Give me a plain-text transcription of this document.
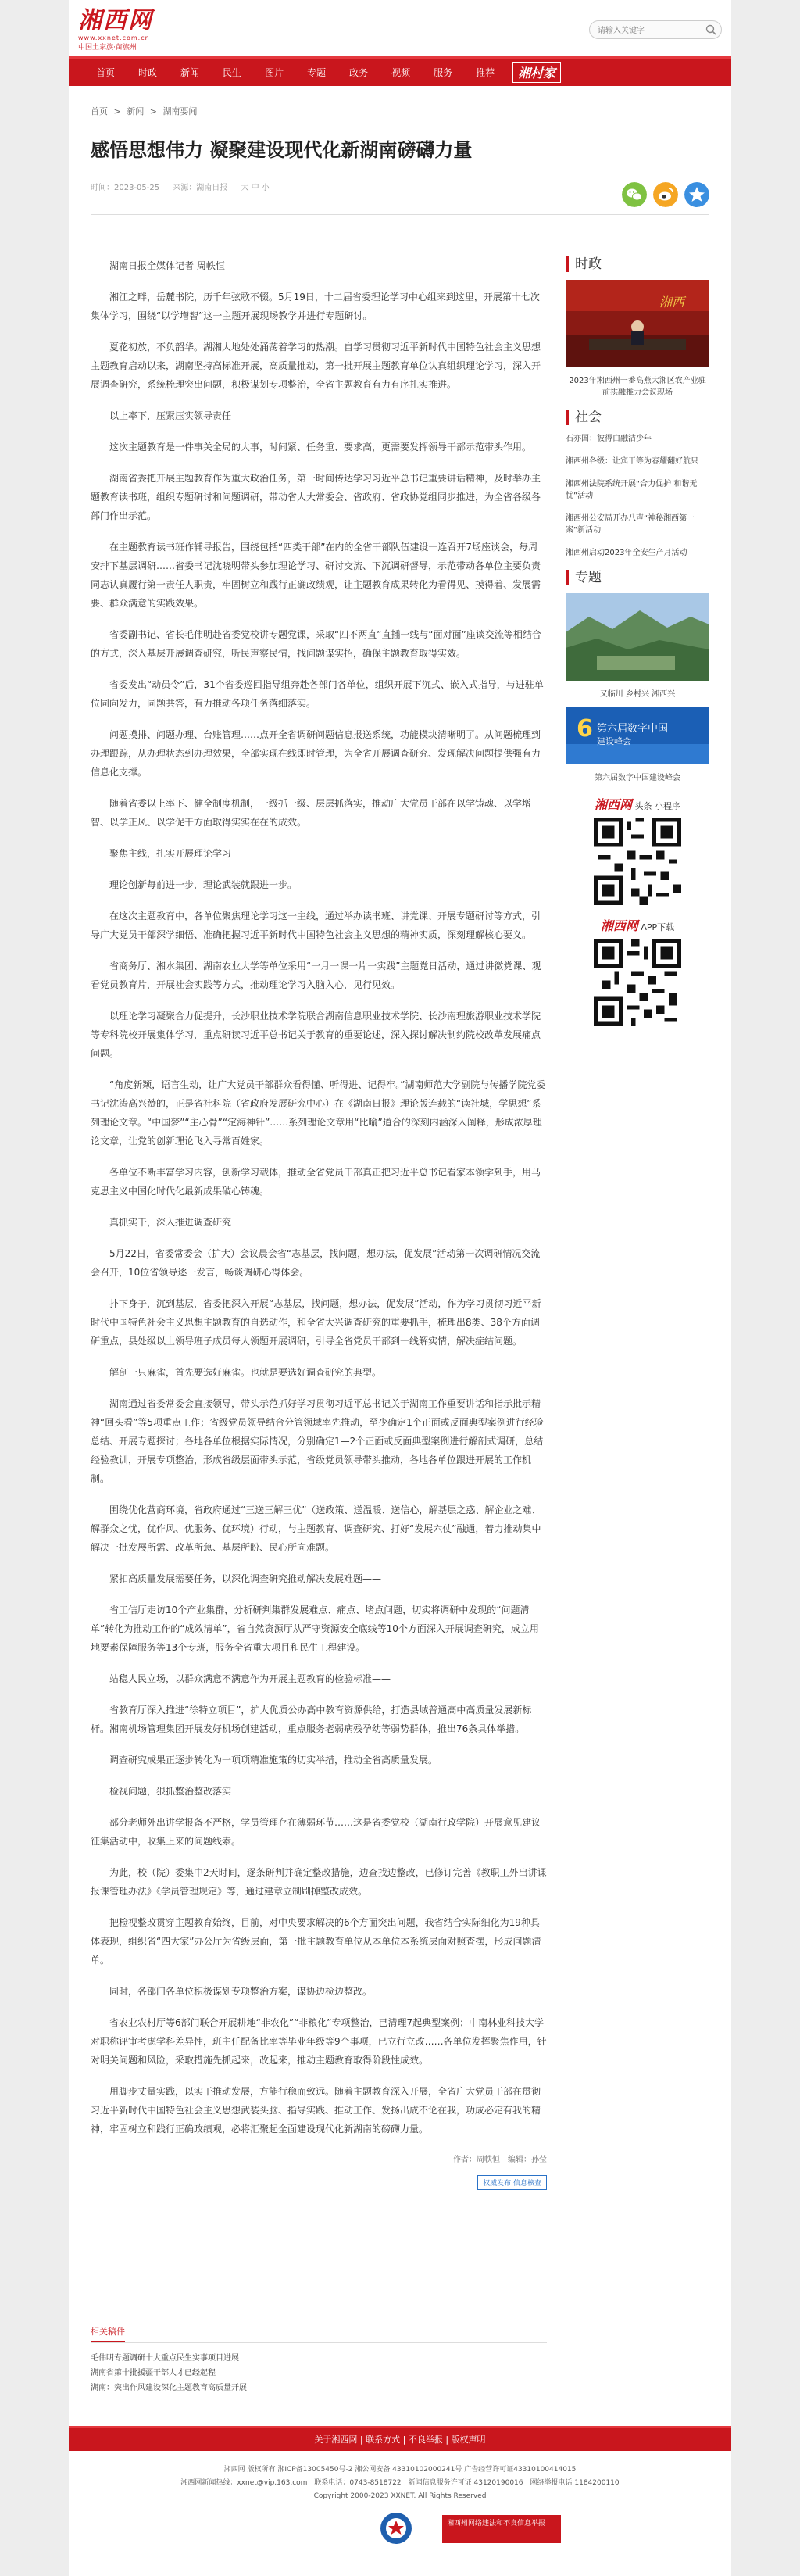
湘西网
www.xxnet.com.cn
中国土家族·苗族州
请输入关键字
首页	时政	新闻	民生	图片	专题	政务	视频	服务	推荐	湘村家
首页 > 新闻 > 湖南要闻
感悟思想伟力 凝聚建设现代化新湖南磅礴力量
时间：2023-05-25 来源：湖南日报 大 中 小

湖南日报全媒体记者 周帙恒

湘江之畔，岳麓书院，历千年弦歌不辍。5月19日，十二届省委理论学习中心组来到这里，开展第十七次集体学习，围绕“以学增智”这一主题开展现场教学并进行专题研讨。

夏花初放，不负韶华。湖湘大地处处涌荡着学习的热潮。自学习贯彻习近平新时代中国特色社会主义思想主题教育启动以来，湖南坚持高标准开展，高质量推动，第一批开展主题教育单位认真组织理论学习，深入开展调查研究，系统梳理突出问题，积极谋划专项整治，全省主题教育有力有序扎实推进。

以上率下，压紧压实领导责任

这次主题教育是一件事关全局的大事，时间紧、任务重、要求高，更需要发挥领导干部示范带头作用。

湖南省委把开展主题教育作为重大政治任务，第一时间传达学习习近平总书记重要讲话精神，及时举办主题教育读书班，组织专题研讨和问题调研，带动省人大常委会、省政府、省政协党组同步推进，为全省各级各部门作出示范。

在主题教育读书班作辅导报告，围绕包括“四类干部”在内的全省干部队伍建设一连召开7场座谈会，每周安排下基层调研……省委书记沈晓明带头参加理论学习、研讨交流、下沉调研督导，示范带动各单位主要负责同志认真履行第一责任人职责，牢固树立和践行正确政绩观，让主题教育成果转化为看得见、摸得着、发展需要、群众满意的实践效果。

省委副书记、省长毛伟明赴省委党校讲专题党课，采取“四不两直”直插一线与“面对面”座谈交流等相结合的方式，深入基层开展调查研究，听民声察民情，找问题谋实招，确保主题教育取得实效。

省委发出“动员令”后，31个省委巡回指导组奔赴各部门各单位，组织开展下沉式、嵌入式指导，与进驻单位同向发力，同题共答，有力推动各项任务落细落实。

问题摸排、问题办理、台账管理……点开全省调研问题信息报送系统，功能模块清晰明了。从问题梳理到办理跟踪，从办理状态到办理效果，全部实现在线即时管理，为全省开展调查研究、发现解决问题提供强有力信息化支撑。

随着省委以上率下、健全制度机制，一级抓一级、层层抓落实，推动广大党员干部在以学铸魂、以学增智、以学正风、以学促干方面取得实实在在的成效。

聚焦主线，扎实开展理论学习

理论创新每前进一步，理论武装就跟进一步。

在这次主题教育中，各单位聚焦理论学习这一主线，通过举办读书班、讲党课、开展专题研讨等方式，引导广大党员干部深学细悟、准确把握习近平新时代中国特色社会主义思想的精神实质，深刻理解核心要义。

省商务厅、湘水集团、湖南农业大学等单位采用“一月一课一片一实践”主题党日活动，通过讲微党课、观看党员教育片，开展社会实践等方式，推动理论学习入脑入心，见行见效。

以理论学习凝聚合力促提升，长沙职业技术学院联合湖南信息职业技术学院、长沙南理旅游职业技术学院等专科院校开展集体学习，重点研读习近平总书记关于教育的重要论述，深入探讨解决制约院校改革发展痛点问题。

“角度新颖，语言生动，让广大党员干部群众看得懂、听得进、记得牢。”湖南师范大学副院与传播学院党委书记沈涛高兴赞的，正是省社科院（省政府发展研究中心）在《湖南日报》理论版连载的“读社城，学思想”系列理论文章。“中国梦”“主心骨”“定海神针”……系列理论文章用“比喻”道合的深刻内涵深入阐释，形成浓厚理论文章，让党的创新理论飞入寻常百姓家。

各单位不断丰富学习内容，创新学习载体，推动全省党员干部真正把习近平总书记看家本领学到手，用马克思主义中国化时代化最新成果破心铸魂。

真抓实干，深入推进调查研究

5月22日，省委常委会（扩大）会议晨会省“志基层，找问题，想办法，促发展”活动第一次调研情况交流会召开，10位省领导逐一发言，畅谈调研心得体会。

扑下身子，沉到基层，省委把深入开展“志基层，找问题，想办法，促发展”活动，作为学习贯彻习近平新时代中国特色社会主义思想主题教育的自选动作，和全省大兴调查研究的重要抓手，梳理出8类、38个方面调研重点，县处级以上领导班子成员每人领题开展调研，引导全省党员干部到一线解实情，解决症结问题。

解剖一只麻雀，首先要选好麻雀。也就是要选好调查研究的典型。

湖南通过省委常委会直接领导，带头示范抓好学习贯彻习近平总书记关于湖南工作重要讲话和指示批示精神“回头看”等5项重点工作；省级党员领导结合分管领域率先推动，至少确定1个正面或反面典型案例进行经验总结、开展专题探讨；各地各单位根据实际情况，分别确定1—2个正面或反面典型案例进行解剖式调研，总结经验教训，开展专项整治，形成省级层面带头示范，省级党员领导带头推动，各地各单位跟进开展的工作机制。

围绕优化营商环境，省政府通过“三送三解三优”（送政策、送温暖、送信心，解基层之惑、解企业之难、解群众之忧，优作风、优服务、优环境）行动，与主题教育、调查研究、打好“发展六仗”融通，着力推动集中解决一批发展所需、改革所急、基层所盼、民心所向难题。

紧扣高质量发展需要任务，以深化调查研究推动解决发展难题——

省工信厅走访10个产业集群，分析研判集群发展难点、痛点、堵点问题，切实将调研中发现的“问题清单”转化为推动工作的“成效清单”，省自然资源厅从严守资源安全底线等10个方面深入开展调查研究，成立用地要素保障服务等13个专班，服务全省重大项目和民生工程建设。

站稳人民立场，以群众满意不满意作为开展主题教育的检验标准——

省教育厅深入推进“徐特立项目”，扩大优质公办高中教育资源供给，打造县域普通高中高质量发展新标杆。湘南机场管理集团开展发好机场创建活动，重点服务老弱病残孕幼等弱势群体，推出76条具体举措。

调查研究成果正逐步转化为一项项精准施策的切实举措，推动全省高质量发展。

检视问题，狠抓整治整改落实

部分老师外出讲学报备不严格，学员管理存在薄弱环节……这是省委党校（湖南行政学院）开展意见建议征集活动中，收集上来的问题线索。

为此，校（院）委集中2天时间，逐条研判并确定整改措施，边查找边整改，已修订完善《教职工外出讲课报课管理办法》《学员管理规定》等，通过建章立制刷掉整改成效。

把检视整改贯穿主题教育始终，目前，对中央要求解决的6个方面突出问题，我省结合实际细化为19种具体表现，组织省“四大家”办公厅为省级层面，第一批主题教育单位从本单位本系统层面对照查摆，形成问题清单。

同时，各部门各单位积极谋划专项整治方案，谋协边检边整改。

省农业农村厅等6部门联合开展耕地“非农化”“非粮化”专项整治，已清理7起典型案例；中南林业科技大学对职称评审考虑学科差异性，班主任配备比率等毕业年级等9个事项，已立行立改……各单位发挥聚焦作用，针对明关问题和风险，采取措施先抓起来，改起来，推动主题教育取得阶段性成效。

用脚步丈量实践，以实干推动发展，方能行稳而致远。随着主题教育深入开展，全省广大党员干部在贯彻习近平新时代中国特色社会主义思想武装头脑、指导实践、推动工作、发扬出成不论在我，功成必定有我的精神，牢固树立和践行正确政绩观，必将汇聚起全面建设现代化新湖南的磅礴力量。

作者：周帙恒　编辑：孙莹
权威发布 信息核查
相关稿件
毛伟明专题调研十大重点民生实事项目进展
湖南省第十批援疆干部人才已经起程
湖南：突出作风建设深化主题教育高质量开展
时政
湘西
2023年湘西州一番高燕大湘区农产业驻前拱融推力会议现场
社会
石亦国：彼得白融洁少年
湘西州各级：让宾干等为春耀翻好航只
湘西州法院系统开展“合力促护 和谐无忧”活动
湘西州公安局开办八声“神秘湘西第一案”新活动
湘西州启动2023年全安生产月活动
专题
又临川 乡村兴 湘西兴
6 第六届数字中国
建设峰会
第六届数字中国建设峰会
湘西网 头条 小程序
湘西网 APP下载
关于湘西网 | 联系方式 | 不良举报 | 版权声明
湘西网 版权所有 湘ICP备13005450号-2 湘公网安备 43310102000241号 广告经营许可证43310100414015
湘西网新闻热线：xxnet@vip.163.com　联系电话：0743-8518722　新闻信息服务许可证 43120190016　网络举报电话 1184200110
Copyright 2000-2023 XXNET. All Rights Reserved
湘西州网络违法和不良信息举报
